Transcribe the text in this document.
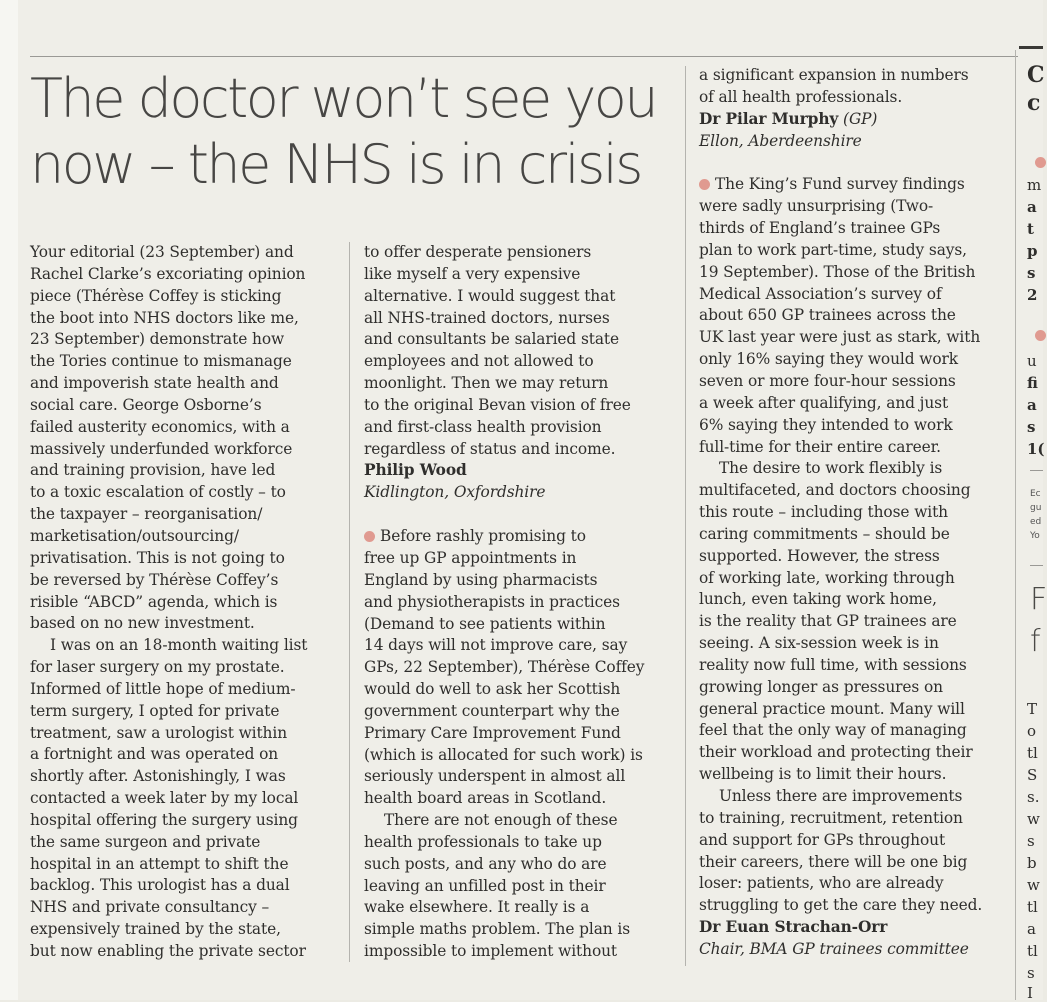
The doctor won’t see you
now – the NHS is in crisis

Your editorial (23 September) and

Rachel Clarke’s excoriating opinion

piece (Thérèse Coffey is sticking

the boot into NHS doctors like me,

23 September) demonstrate how

the Tories continue to mismanage

and impoverish state health and

social care. George Osborne’s

failed austerity economics, with a

massively underfunded workforce

and training provision, have led

to a toxic escalation of costly – to

the taxpayer – reorganisation/

marketisation/outsourcing/

privatisation. This is not going to

be reversed by Thérèse Coffey’s

risible “ABCD” agenda, which is

based on no new investment.

I was on an 18-month waiting list

for laser surgery on my prostate.

Informed of little hope of medium-

term surgery, I opted for private

treatment, saw a urologist within

a fortnight and was operated on

shortly after. Astonishingly, I was

contacted a week later by my local

hospital offering the surgery using

the same surgeon and private

hospital in an attempt to shift the

backlog. This urologist has a dual

NHS and private consultancy –

expensively trained by the state,

but now enabling the private sector

to offer desperate pensioners

like myself a very expensive

alternative. I would suggest that

all NHS-trained doctors, nurses

and consultants be salaried state

employees and not allowed to

moonlight. Then we may return

to the original Bevan vision of free

and first-class health provision

regardless of status and income.

Philip Wood

Kidlington, Oxfordshire

Before rashly promising to

free up GP appointments in

England by using pharmacists

and physiotherapists in practices

(Demand to see patients within

14 days will not improve care, say

GPs, 22 September), Thérèse Coffey

would do well to ask her Scottish

government counterpart why the

Primary Care Improvement Fund

(which is allocated for such work) is

seriously underspent in almost all

health board areas in Scotland.

There are not enough of these

health professionals to take up

such posts, and any who do are

leaving an unfilled post in their

wake elsewhere. It really is a

simple maths problem. The plan is

impossible to implement without

a significant expansion in numbers

of all health professionals.

Dr Pilar Murphy (GP)

Ellon, Aberdeenshire

The King’s Fund survey findings

were sadly unsurprising (Two-

thirds of England’s trainee GPs

plan to work part-time, study says,

19 September). Those of the British

Medical Association’s survey of

about 650 GP trainees across the

UK last year were just as stark, with

only 16% saying they would work

seven or more four-hour sessions

a week after qualifying, and just

6% saying they intended to work

full-time for their entire career.

The desire to work flexibly is

multifaceted, and doctors choosing

this route – including those with

caring commitments – should be

supported. However, the stress

of working late, working through

lunch, even taking work home,

is the reality that GP trainees are

seeing. A six-session week is in

reality now full time, with sessions

growing longer as pressures on

general practice mount. Many will

feel that the only way of managing

their workload and protecting their

wellbeing is to limit their hours.

Unless there are improvements

to training, recruitment, retention

and support for GPs throughout

their careers, there will be one big

loser: patients, who are already

struggling to get the care they need.

Dr Euan Strachan-Orr

Chair, BMA GP trainees committee

C
c
m
a
t
p
s
2
u
fi
a
s
1(
Ec
gu
ed
Yo
F
f
T
o
tl
S
s.
w
s
b
w
tl
a
tl
s
I
